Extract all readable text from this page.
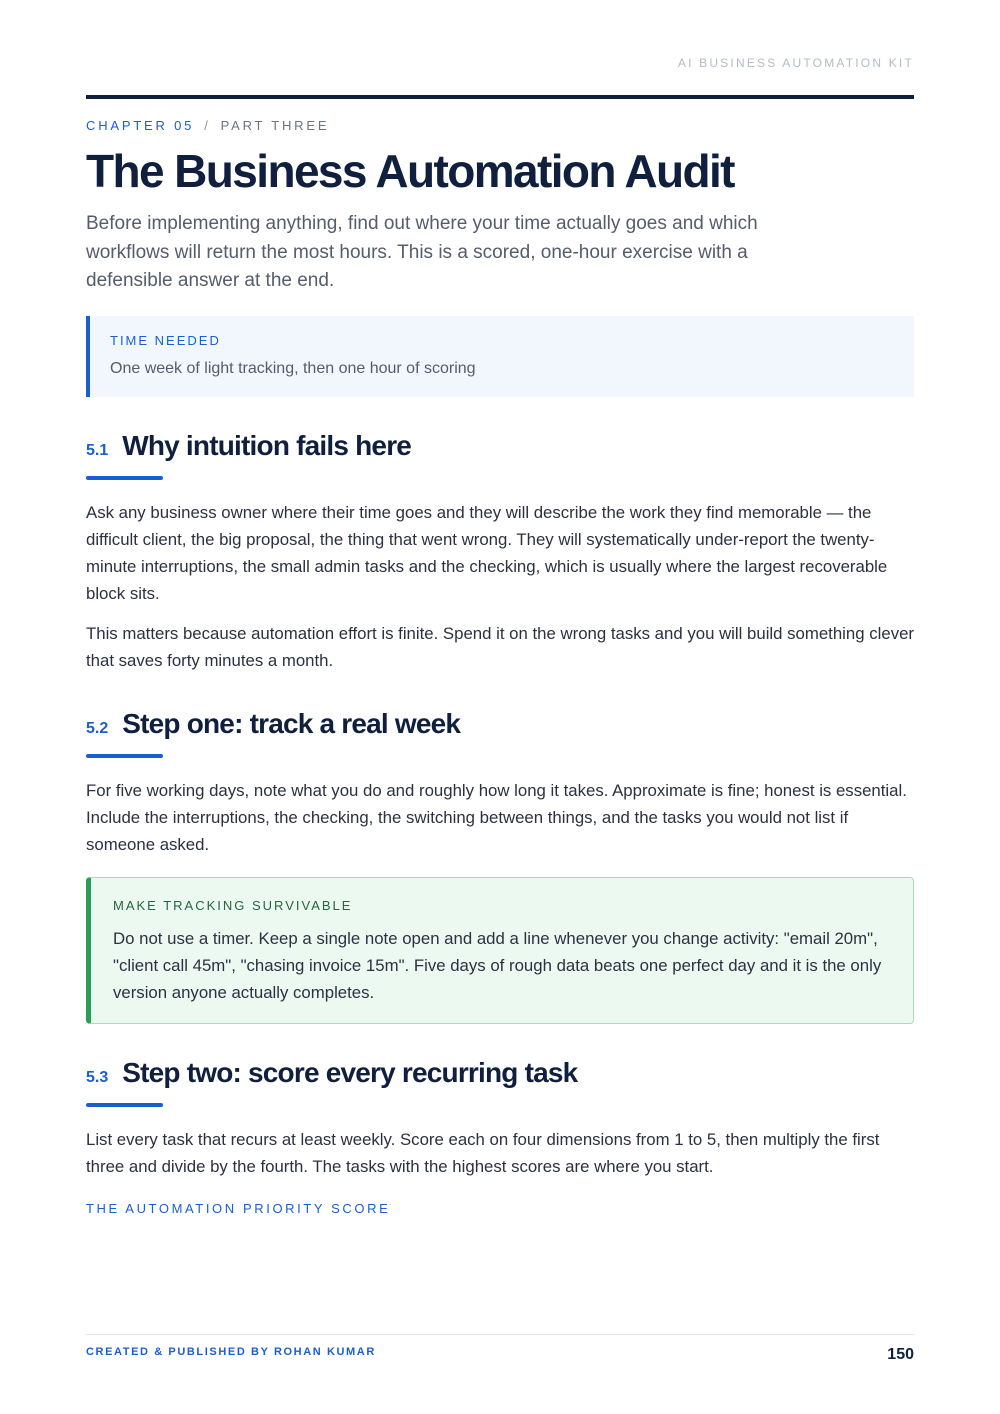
AI BUSINESS AUTOMATION KIT
CHAPTER 05 / PART THREE
The Business Automation Audit

Before implementing anything, find out where your time actually goes and which workflows will return the most hours. This is a scored, one-hour exercise with a defensible answer at the end.

TIME NEEDED
One week of light tracking, then one hour of scoring
5.1 Why intuition fails here

Ask any business owner where their time goes and they will describe the work they find memorable — the difficult client, the big proposal, the thing that went wrong. They will systematically under-report the twenty-minute interruptions, the small admin tasks and the checking, which is usually where the largest recoverable block sits.

This matters because automation effort is finite. Spend it on the wrong tasks and you will build something clever that saves forty minutes a month.

5.2 Step one: track a real week

For five working days, note what you do and roughly how long it takes. Approximate is fine; honest is essential. Include the interruptions, the checking, the switching between things, and the tasks you would not list if someone asked.

MAKE TRACKING SURVIVABLE

Do not use a timer. Keep a single note open and add a line whenever you change activity: "email 20m", "client call 45m", "chasing invoice 15m". Five days of rough data beats one perfect day and it is the only version anyone actually completes.

5.3 Step two: score every recurring task

List every task that recurs at least weekly. Score each on four dimensions from 1 to 5, then multiply the first three and divide by the fourth. The tasks with the highest scores are where you start.

THE AUTOMATION PRIORITY SCORE
CREATED & PUBLISHED BY ROHAN KUMAR	150
